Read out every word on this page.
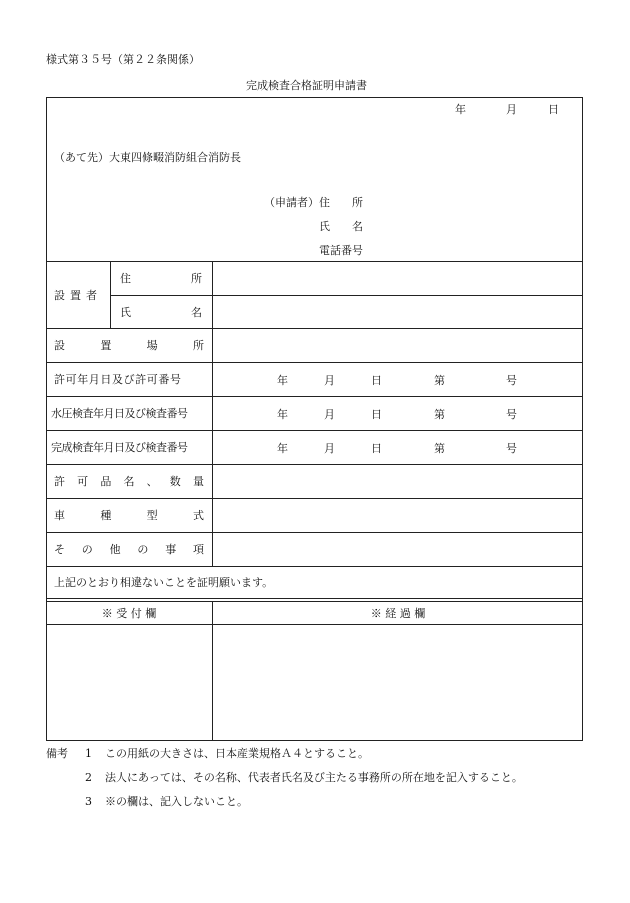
様式第３５号（第２２条関係）
完成検査合格証明申請書
年	月	日
（あて先）大東四條畷消防組合消防長
（申請者） 住　　所
氏　　名
電話番号
設置者
住	所
氏	名
設	置	場	所
許可年月日及び許可番号	年	月	日	第	号
水圧検査年月日及び検査番号	年	月	日	第	号
完成検査年月日及び検査番号	年	月	日	第	号
許 可 品 名 、 数 量
車	種	型	式
そ の 他 の 事 項
上記のとおり相違ないことを証明願います。
※ 受 付 欄	※ 経 過 欄
備考 1 この用紙の大きさは、日本産業規格Ａ４とすること。
2 法人にあっては、その名称、代表者氏名及び主たる事務所の所在地を記入すること。
3 ※の欄は、記入しないこと。
